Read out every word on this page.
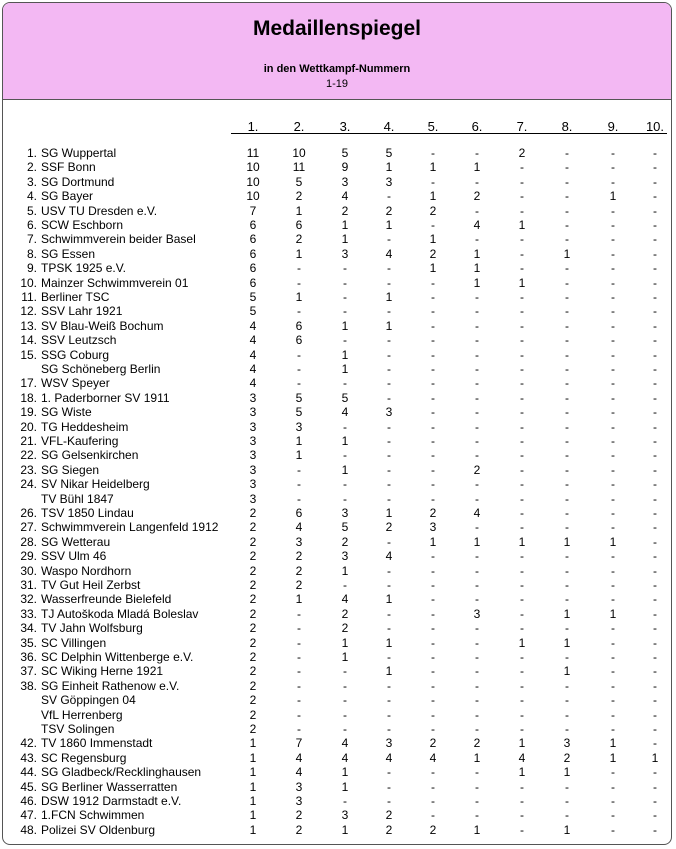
Medaillenspiegel
in den Wettkampf-Nummern
1-19
1.	2.	3.	4.	5.	6.	7.	8.	9.	10.
1. SG Wuppertal	11	10	5	5	-	-	2	-	-	-
2. SSF Bonn	10	11	9	1	1	1	-	-	-	-
3. SG Dortmund	10	5	3	3	-	-	-	-	-	-
4. SG Bayer	10	2	4	-	1	2	-	-	1	-
5. USV TU Dresden e.V.	7	1	2	2	2	-	-	-	-	-
6. SCW Eschborn	6	6	1	1	-	4	1	-	-	-
7. Schwimmverein beider Basel	6	2	1	-	1	-	-	-	-	-
8. SG Essen	6	1	3	4	2	1	-	1	-	-
9. TPSK 1925 e.V.	6	-	-	-	1	1	-	-	-	-
10. Mainzer Schwimmverein 01	6	-	-	-	-	1	1	-	-	-
11. Berliner TSC	5	1	-	1	-	-	-	-	-	-
12. SSV Lahr 1921	5	-	-	-	-	-	-	-	-	-
13. SV Blau-Weiß Bochum	4	6	1	1	-	-	-	-	-	-
14. SSV Leutzsch	4	6	-	-	-	-	-	-	-	-
15. SSG Coburg	4	-	1	-	-	-	-	-	-	-
SG Schöneberg Berlin	4	-	1	-	-	-	-	-	-	-
17. WSV Speyer	4	-	-	-	-	-	-	-	-	-
18. 1. Paderborner SV 1911	3	5	5	-	-	-	-	-	-	-
19. SG Wiste	3	5	4	3	-	-	-	-	-	-
20. TG Heddesheim	3	3	-	-	-	-	-	-	-	-
21. VFL-Kaufering	3	1	1	-	-	-	-	-	-	-
22. SG Gelsenkirchen	3	1	-	-	-	-	-	-	-	-
23. SG Siegen	3	-	1	-	-	2	-	-	-	-
24. SV Nikar Heidelberg	3	-	-	-	-	-	-	-	-	-
TV Bühl 1847	3	-	-	-	-	-	-	-	-	-
26. TSV 1850 Lindau	2	6	3	1	2	4	-	-	-	-
27. Schwimmverein Langenfeld 1912	2	4	5	2	3	-	-	-	-	-
28. SG Wetterau	2	3	2	-	1	1	1	1	1	-
29. SSV Ulm 46	2	2	3	4	-	-	-	-	-	-
30. Waspo Nordhorn	2	2	1	-	-	-	-	-	-	-
31. TV Gut Heil Zerbst	2	2	-	-	-	-	-	-	-	-
32. Wasserfreunde Bielefeld	2	1	4	1	-	-	-	-	-	-
33. TJ Autoškoda Mladá Boleslav	2	-	2	-	-	3	-	1	1	-
34. TV Jahn Wolfsburg	2	-	2	-	-	-	-	-	-	-
35. SC Villingen	2	-	1	1	-	-	1	1	-	-
36. SC Delphin Wittenberge e.V.	2	-	1	-	-	-	-	-	-	-
37. SC Wiking Herne 1921	2	-	-	1	-	-	-	1	-	-
38. SG Einheit Rathenow e.V.	2	-	-	-	-	-	-	-	-	-
SV Göppingen 04	2	-	-	-	-	-	-	-	-	-
VfL Herrenberg	2	-	-	-	-	-	-	-	-	-
TSV Solingen	2	-	-	-	-	-	-	-	-	-
42. TV 1860 Immenstadt	1	7	4	3	2	2	1	3	1	-
43. SC Regensburg	1	4	4	4	4	1	4	2	1	1
44. SG Gladbeck/Recklinghausen	1	4	1	-	-	-	1	1	-	-
45. SG Berliner Wasserratten	1	3	1	-	-	-	-	-	-	-
46. DSW 1912 Darmstadt e.V.	1	3	-	-	-	-	-	-	-	-
47. 1.FCN Schwimmen	1	2	3	2	-	-	-	-	-	-
48. Polizei SV Oldenburg	1	2	1	2	2	1	-	1	-	-
